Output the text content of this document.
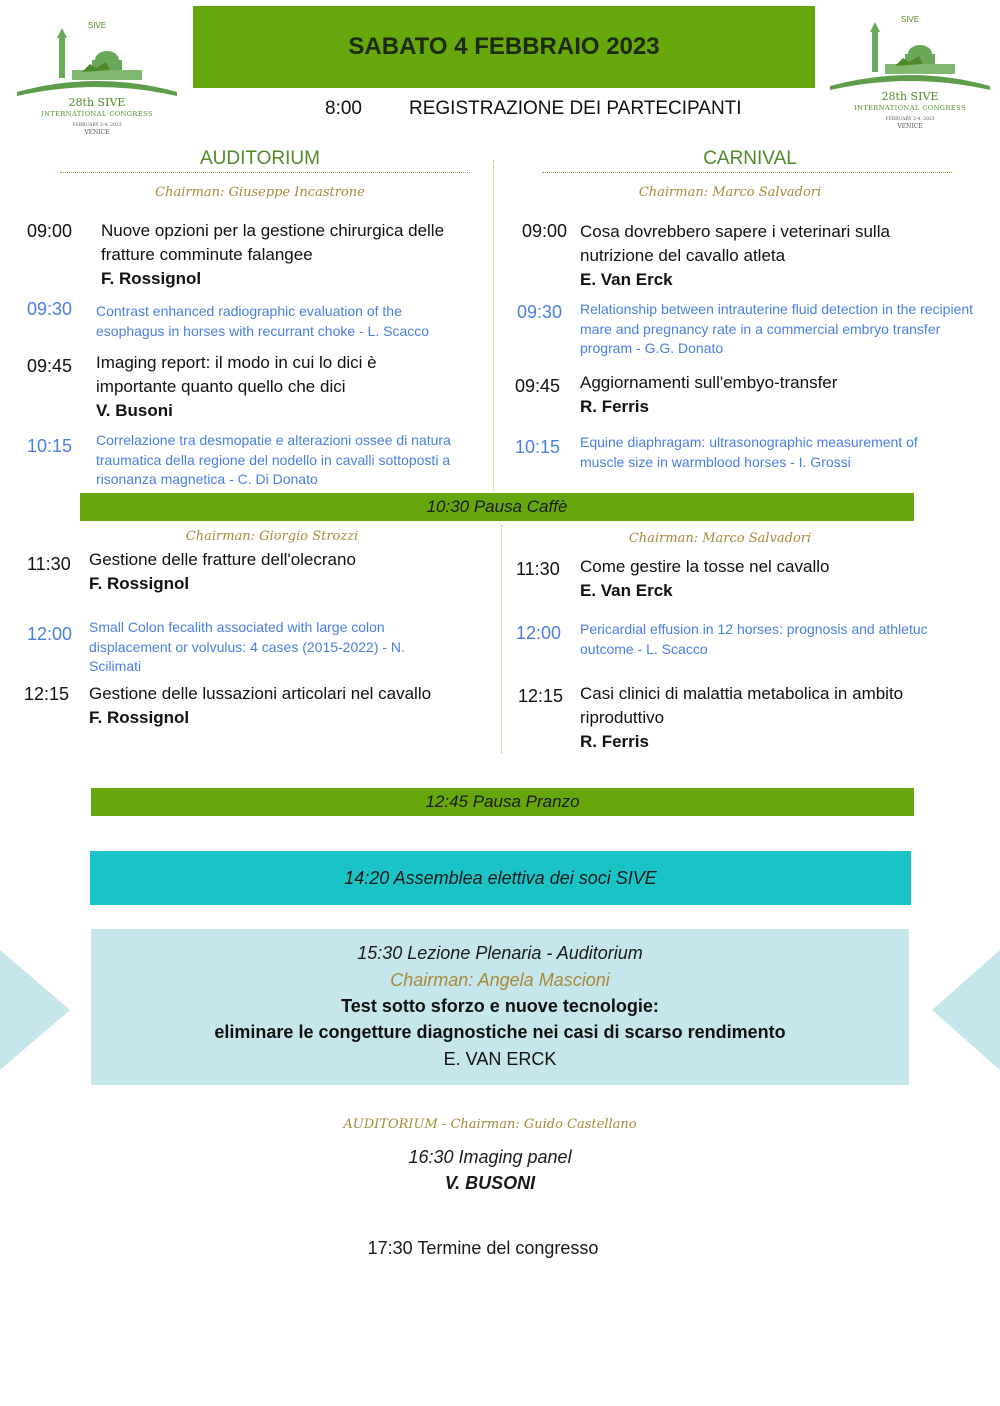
SIVE
28th SIVE
INTERNATIONAL CONGRESS
FEBRUARY 2-4, 2023
VENICE
SIVE
28th SIVE
INTERNATIONAL CONGRESS
FEBRUARY 2-4, 2023
VENICE
SABATO 4 FEBBRAIO 2023
8:00 REGISTRAZIONE DEI PARTECIPANTI
AUDITORIUM	CARNIVAL
Chairman: Giuseppe Incastrone	Chairman: Marco Salvadori
09:00 Nuove opzioni per la gestione chirurgica delle fratture comminute falangee
F. Rossignol
09:30 Contrast enhanced radiographic evaluation of the esophagus in horses with recurrant choke - L. Scacco
09:45 Imaging report: il modo in cui lo dici è importante quanto quello che dici
V. Busoni
10:15 Correlazione tra desmopatie e alterazioni ossee di natura traumatica della regione del nodello in cavalli sottoposti a risonanza magnetica - C. Di Donato
09:00 Cosa dovrebbero sapere i veterinari sulla nutrizione del cavallo atleta
E. Van Erck
09:30 Relationship between intrauterine fluid detection in the recipient mare and pregnancy rate in a commercial embryo transfer program - G.G. Donato
09:45 Aggiornamenti sull'embyo-transfer
R. Ferris
10:15 Equine diaphragam: ultrasonographic measurement of muscle size in warmblood horses - I. Grossi
10:30 Pausa Caffè
Chairman: Giorgio Strozzi	Chairman: Marco Salvadori
11:30 Gestione delle fratture dell'olecrano
F. Rossignol
12:00 Small Colon fecalith associated with large colon displacement or volvulus: 4 cases (2015-2022) - N. Scilimati
12:15 Gestione delle lussazioni articolari nel cavallo
F. Rossignol
11:30 Come gestire la tosse nel cavallo
E. Van Erck
12:00 Pericardial effusion in 12 horses: prognosis and athletuc outcome - L. Scacco
12:15 Casi clinici di malattia metabolica in ambito riproduttivo
R. Ferris
12:45 Pausa Pranzo
14:20 Assemblea elettiva dei soci SIVE
15:30 Lezione Plenaria - Auditorium
Chairman: Angela Mascioni
Test sotto sforzo e nuove tecnologie:
eliminare le congetture diagnostiche nei casi di scarso rendimento
E. VAN ERCK
AUDITORIUM - Chairman: Guido Castellano
16:30 Imaging panel
V. BUSONI
17:30 Termine del congresso
